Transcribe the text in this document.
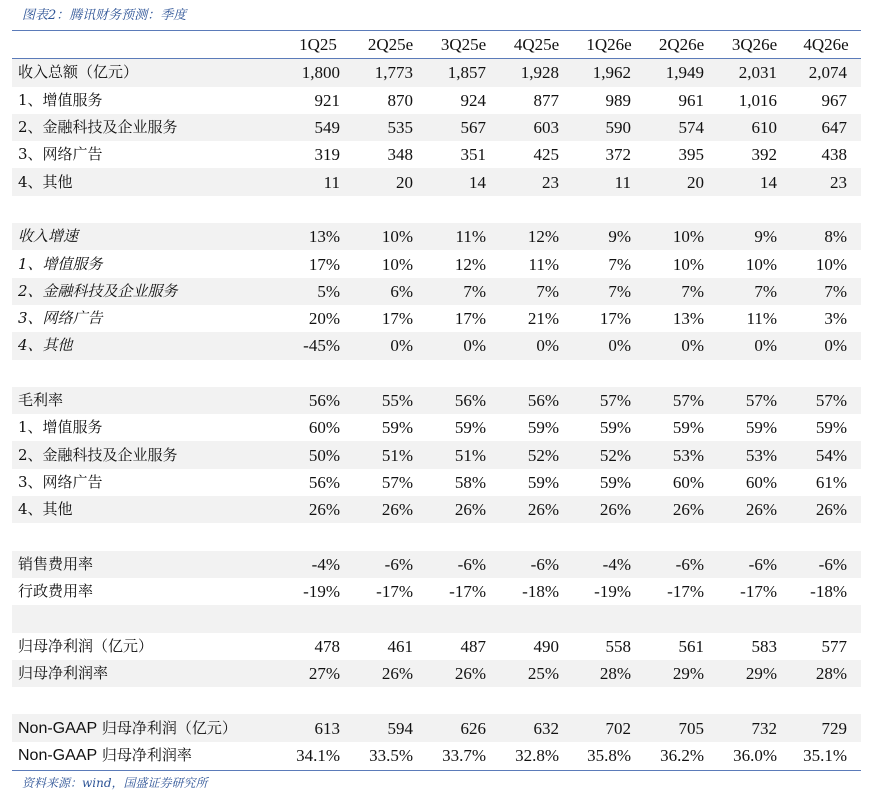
图表2：腾讯财务预测：季度
	1Q25	2Q25e	3Q25e	4Q25e	1Q26e	2Q26e	3Q26e	4Q26e
收入总额（亿元）	1,800	1,773	1,857	1,928	1,962	1,949	2,031	2,074
1、增值服务	921	870	924	877	989	961	1,016	967
2、金融科技及企业服务	549	535	567	603	590	574	610	647
3、网络广告	319	348	351	425	372	395	392	438
4、其他	11	20	14	23	11	20	14	23

收入增速	13%	10%	11%	12%	9%	10%	9%	8%
1、增值服务	17%	10%	12%	11%	7%	10%	10%	10%
2、金融科技及企业服务	5%	6%	7%	7%	7%	7%	7%	7%
3、网络广告	20%	17%	17%	21%	17%	13%	11%	3%
4、其他	-45%	0%	0%	0%	0%	0%	0%	0%

毛利率	56%	55%	56%	56%	57%	57%	57%	57%
1、增值服务	60%	59%	59%	59%	59%	59%	59%	59%
2、金融科技及企业服务	50%	51%	51%	52%	52%	53%	53%	54%
3、网络广告	56%	57%	58%	59%	59%	60%	60%	61%
4、其他	26%	26%	26%	26%	26%	26%	26%	26%

销售费用率	-4%	-6%	-6%	-6%	-4%	-6%	-6%	-6%
行政费用率	-19%	-17%	-17%	-18%	-19%	-17%	-17%	-18%

归母净利润（亿元）	478	461	487	490	558	561	583	577
归母净利润率	27%	26%	26%	25%	28%	29%	29%	28%

Non-GAAP 归母净利润（亿元）	613	594	626	632	702	705	732	729
Non-GAAP 归母净利润率	34.1%	33.5%	33.7%	32.8%	35.8%	36.2%	36.0%	35.1%
资料来源：wind，国盛证券研究所
